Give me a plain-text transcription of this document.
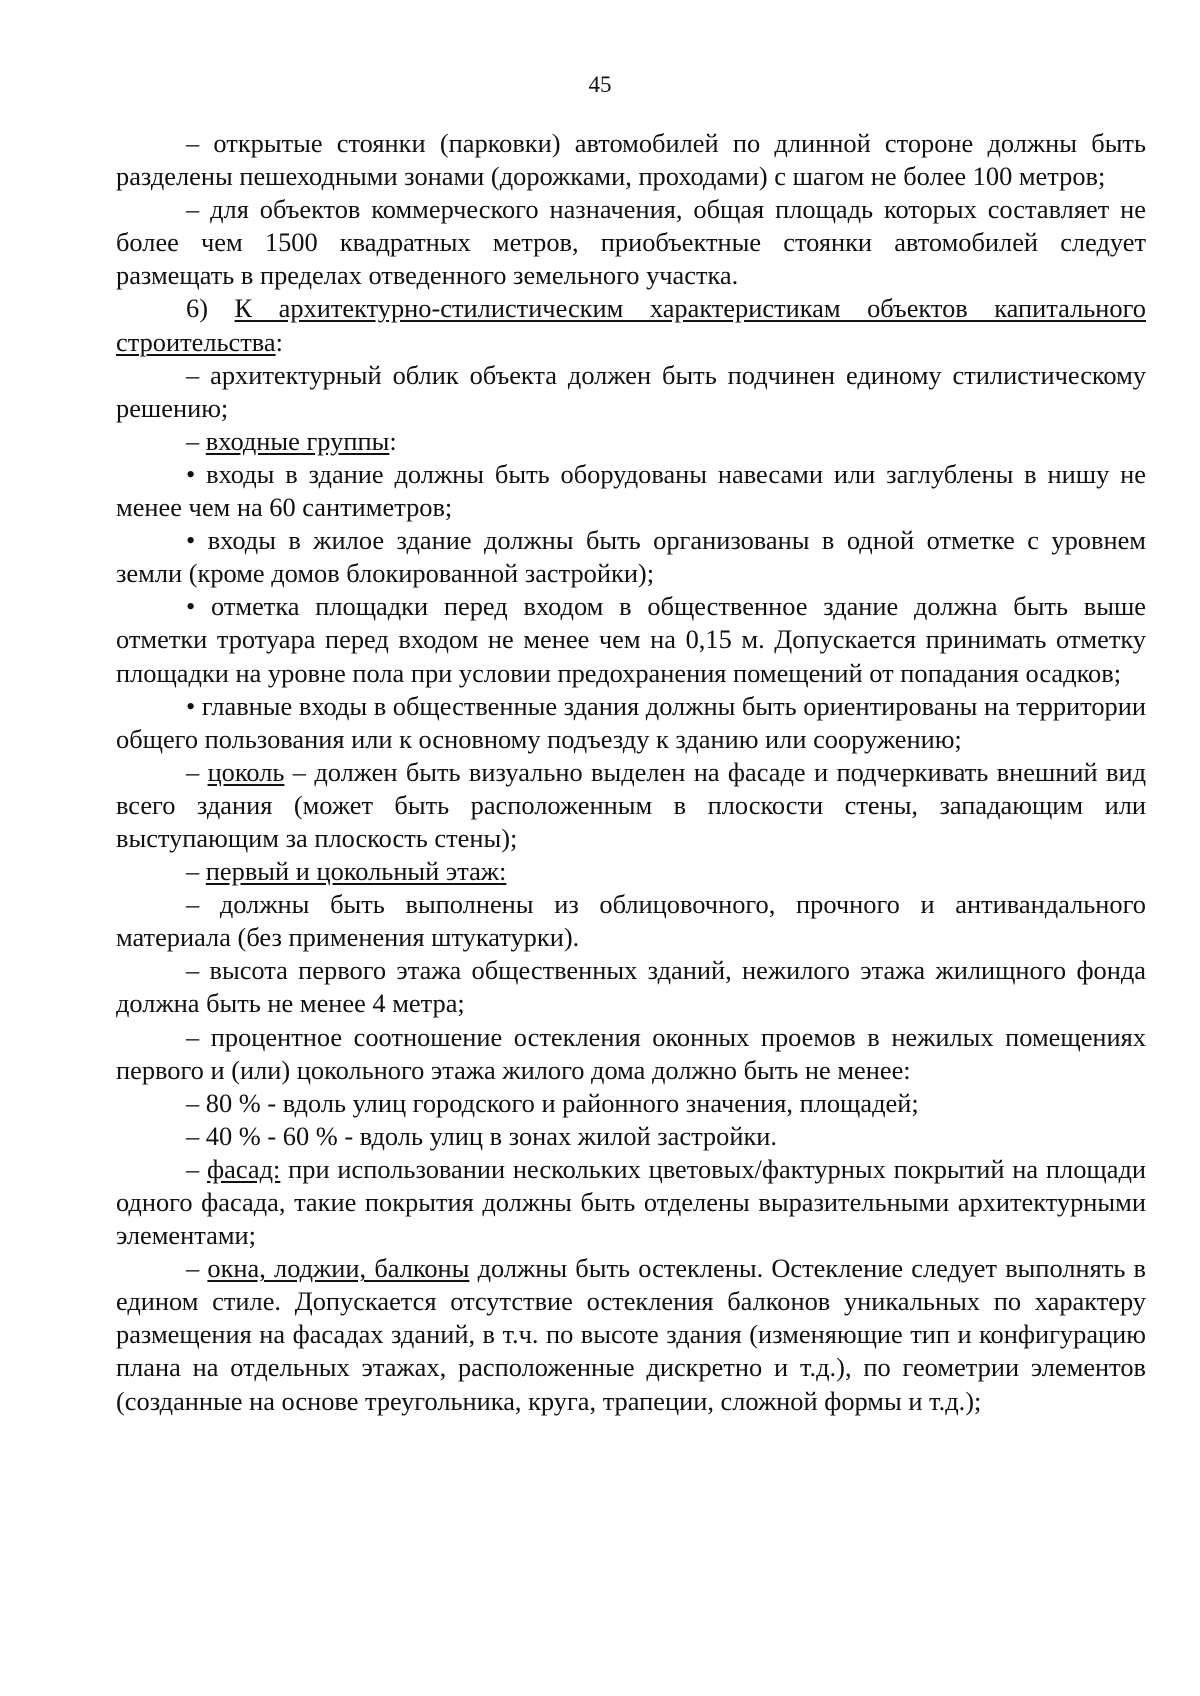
45

– открытые стоянки (парковки) автомобилей по длинной стороне должны быть разделены пешеходными зонами (дорожками, проходами) с шагом не более 100 метров;

– для объектов коммерческого назначения, общая площадь которых составляет не более чем 1500 квадратных метров, приобъектные стоянки автомобилей следует размещать в пределах отведенного земельного участка.

6) К архитектурно-стилистическим характеристикам объектов капитального строительства:

– архитектурный облик объекта должен быть подчинен единому стилистическому решению;

– входные группы:

• входы в здание должны быть оборудованы навесами или заглублены в нишу не менее чем на 60 сантиметров;

• входы в жилое здание должны быть организованы в одной отметке с уровнем земли (кроме домов блокированной застройки);

• отметка площадки перед входом в общественное здание должна быть выше отметки тротуара перед входом не менее чем на 0,15 м. Допускается принимать отметку площадки на уровне пола при условии предохранения помещений от попадания осадков;

• главные входы в общественные здания должны быть ориентированы на территории общего пользования или к основному подъезду к зданию или сооружению;

– цоколь – должен быть визуально выделен на фасаде и подчеркивать внешний вид всего здания (может быть расположенным в плоскости стены, западающим или выступающим за плоскость стены);

– первый и цокольный этаж:

– должны быть выполнены из облицовочного, прочного и антивандального материала (без применения штукатурки).

– высота первого этажа общественных зданий, нежилого этажа жилищного фонда должна быть не менее 4 метра;

– процентное соотношение остекления оконных проемов в нежилых помещениях первого и (или) цокольного этажа жилого дома должно быть не менее:

– 80 % - вдоль улиц городского и районного значения, площадей;

– 40 % - 60 % - вдоль улиц в зонах жилой застройки.

– фасад: при использовании нескольких цветовых/фактурных покрытий на площади одного фасада, такие покрытия должны быть отделены выразительными архитектурными элементами;

– окна, лоджии, балконы должны быть остеклены. Остекление следует выполнять в едином стиле. Допускается отсутствие остекления балконов уникальных по характеру размещения на фасадах зданий, в т.ч. по высоте здания (изменяющие тип и конфигурацию плана на отдельных этажах, расположенные дискретно и т.д.), по геометрии элементов (созданные на основе треугольника, круга, трапеции, сложной формы и т.д.);
